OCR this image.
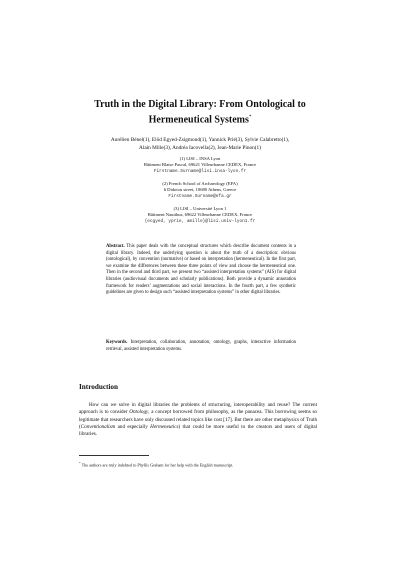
Truth in the Digital Library: From Ontological to
Hermeneutical Systems*
Aurélien Bénel(1), Elöd Egyed-Zsigmond(1), Yannick Prié(3), Sylvie Calabretto(1),
Alain Mille(3), Andréa Iacovella(2), Jean-Marie Pinon(1)
(1) LISI – INSA Lyon
Bâtiment Blaise Pascal, 69621 Villeurbanne CEDEX, France
Firstname.Surname@lisi.insa-lyon.fr
(2) French School of Archaeology (EFA)
6 Didotou street, 10680 Athens, Greece
Firstname.Surname@efa.gr
(3) LISI – Université Lyon 1
Bâtiment Nautibus, 69622 Villeurbanne CEDEX, France
{ecgyed, yprie, amille}@lisi.univ-lyon1.fr
Abstract. This paper deals with the conceptual structures which describe document contents in a digital library. Indeed, the underlying question is about the truth of a description: obvious (ontological), by convention (normative) or based on interpretation (hermeneutical). In the first part, we examine the differences between these three points of view and choose the hermeneutical one. Then in the second and third part, we present two “assisted interpretation systems” (AIS) for digital libraries (audiovisual documents and scholarly publications). Both provide a dynamic annotation framework for readers’ augmentations and social interactions. In the fourth part, a few synthetic guidelines are given to design such “assisted interpretation systems” in other digital libraries.
Keywords. Interpretation, collaboration, annotation, ontology, graphs, interactive information retrieval, assisted interpretation systems.
Introduction
How can we solve in digital libraries the problems of structuring, interoperability and reuse? The current approach is to consider Ontology, a concept borrowed from philosophy, as the panacea. This borrowing seems so legitimate that researchers have only discussed related topics like cost [17]. But there are other metaphysics of Truth (Conventionalism and especially Hermeneutics) that could be more useful to the creators and users of digital libraries.
* The authors are truly indebted to Phyllis Graham for her help with the English manuscript.
